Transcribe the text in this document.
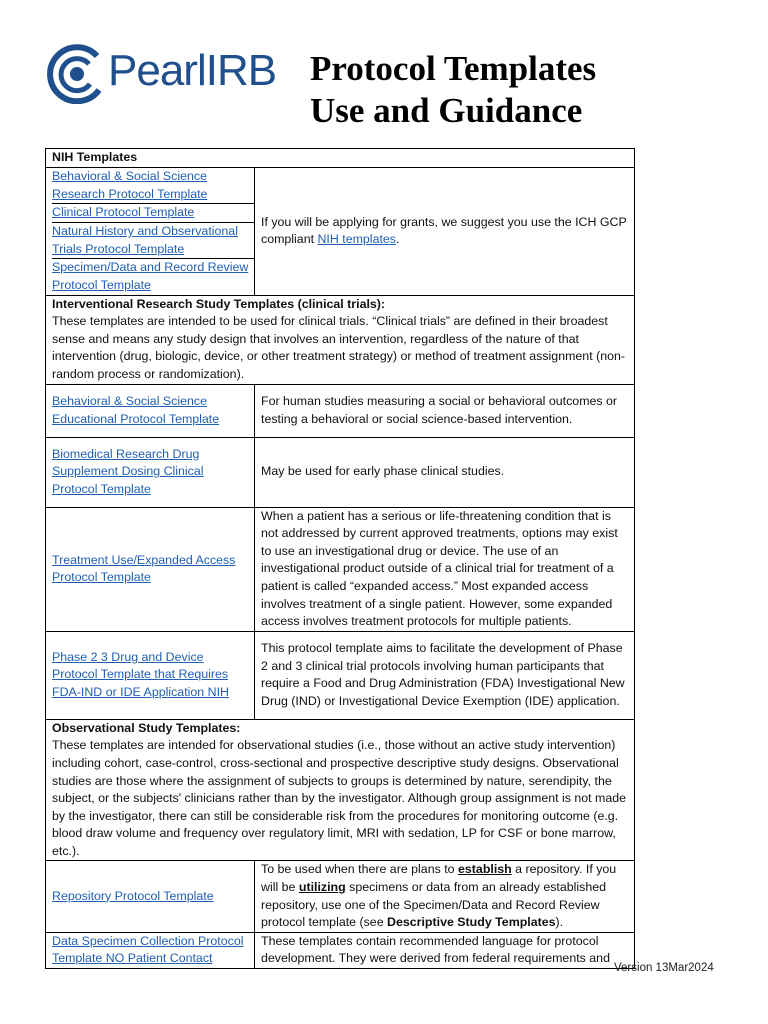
PearlIRB Protocol Templates
Use and Guidance
NIH Templates

Behavioral & Social Science Research Protocol Template
Clinical Protocol Template
Natural History and Observational Trials Protocol Template
Specimen/Data and Record Review Protocol Template
	If you will be applying for grants, we suggest you use the ICH GCP compliant NIH templates.

Interventional Research Study Templates (clinical trials):
These templates are intended to be used for clinical trials. “Clinical trials” are defined in their broadest sense and means any study design that involves an intervention, regardless of the nature of that intervention (drug, biologic, device, or other treatment strategy) or method of treatment assignment (non-random process or randomization).

Behavioral & Social Science Educational Protocol Template	For human studies measuring a social or behavioral outcomes or testing a behavioral or social science-based intervention.
Biomedical Research Drug Supplement Dosing Clinical Protocol Template	May be used for early phase clinical studies.
Treatment Use/Expanded Access Protocol Template	When a patient has a serious or life-threatening condition that is not addressed by current approved treatments, options may exist to use an investigational drug or device. The use of an investigational product outside of a clinical trial for treatment of a patient is called “expanded access.” Most expanded access involves treatment of a single patient. However, some expanded access involves treatment protocols for multiple patients.
Phase 2 3 Drug and Device Protocol Template that Requires FDA-IND or IDE Application NIH	This protocol template aims to facilitate the development of Phase 2 and 3 clinical trial protocols involving human participants that require a Food and Drug Administration (FDA) Investigational New Drug (IND) or Investigational Device Exemption (IDE) application.

Observational Study Templates:
These templates are intended for observational studies (i.e., those without an active study intervention) including cohort, case-control, cross-sectional and prospective descriptive study designs. Observational studies are those where the assignment of subjects to groups is determined by nature, serendipity, the subject, or the subjects' clinicians rather than by the investigator. Although group assignment is not made by the investigator, there can still be considerable risk from the procedures for monitoring outcome (e.g. blood draw volume and frequency over regulatory limit, MRI with sedation, LP for CSF or bone marrow, etc.).

Repository Protocol Template	To be used when there are plans to establish a repository. If you will be utilizing specimens or data from an already established repository, use one of the Specimen/Data and Record Review protocol template (see Descriptive Study Templates).
Data Specimen Collection Protocol Template NO Patient Contact	These templates contain recommended language for protocol development. They were derived from federal requirements and
Version 13Mar2024
